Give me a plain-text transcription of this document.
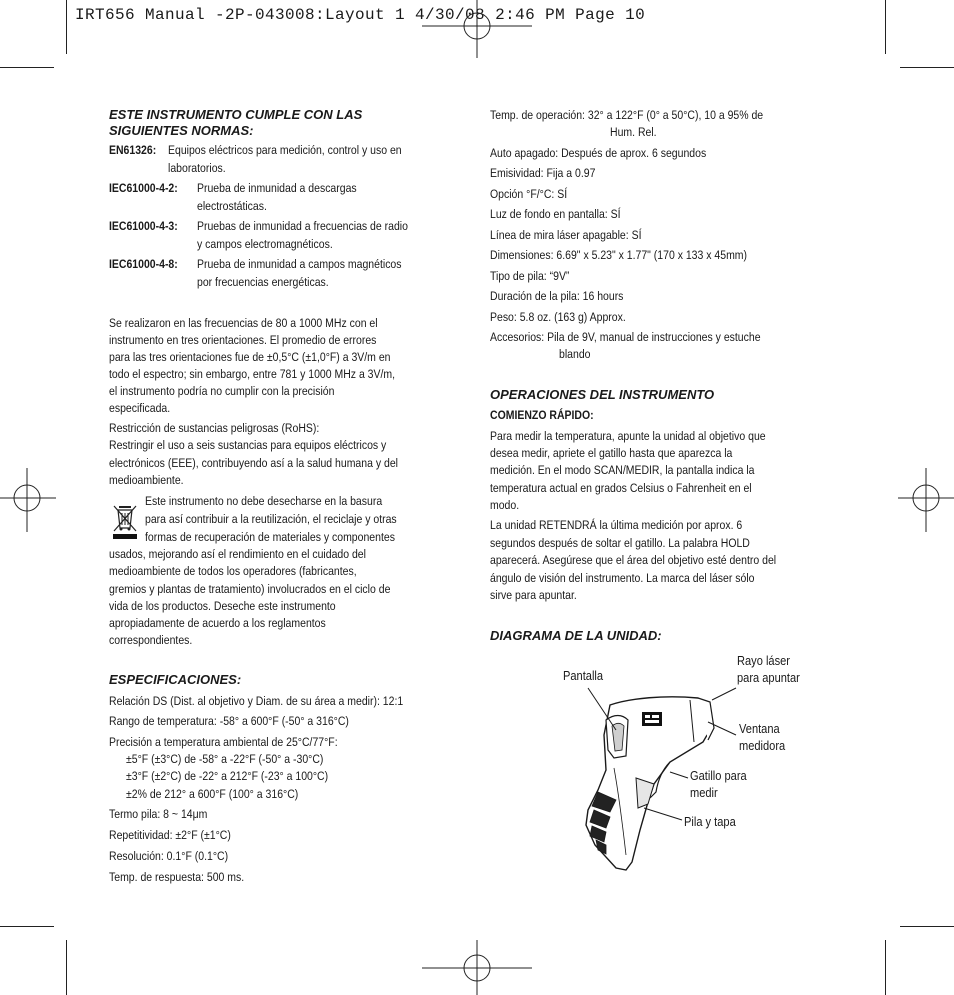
IRT656 Manual -2P-043008:Layout 1 4/30/08 2:46 PM Page 10
ESTE INSTRUMENTO CUMPLE CON LAS
SIGUIENTES NORMAS:
EN61326: Equipos eléctricos para medición, control y uso en
laboratorios.
IEC61000-4-2: Prueba de inmunidad a descargas
electrostáticas.
IEC61000-4-3: Pruebas de inmunidad a frecuencias de radio
y campos electromagnéticos.
IEC61000-4-8: Prueba de inmunidad a campos magnéticos
por frecuencias energéticas.
Se realizaron en las frecuencias de 80 a 1000 MHz con el
instrumento en tres orientaciones. El promedio de errores
para las tres orientaciones fue de ±0,5°C (±1,0°F) a 3V/m en
todo el espectro; sin embargo, entre 781 y 1000 MHz a 3V/m,
el instrumento podría no cumplir con la precisión
especificada.
Restricción de sustancias peligrosas (RoHS):
Restringir el uso a seis sustancias para equipos eléctricos y
electrónicos (EEE), contribuyendo así a la salud humana y del
medioambiente.
Este instrumento no debe desecharse en la basura
para así contribuir a la reutilización, el reciclaje y otras
formas de recuperación de materiales y componentes
usados, mejorando así el rendimiento en el cuidado del
medioambiente de todos los operadores (fabricantes,
gremios y plantas de tratamiento) involucrados en el ciclo de
vida de los productos. Deseche este instrumento
apropiadamente de acuerdo a los reglamentos
correspondientes.
ESPECIFICACIONES:
Relación DS (Dist. al objetivo y Diam. de su área a medir): 12:1
Rango de temperatura: -58° a 600°F (-50° a 316°C)
Precisión a temperatura ambiental de 25°C/77°F:
±5°F (±3°C) de -58° a -22°F (-50° a -30°C)
±3°F (±2°C) de -22° a 212°F (-23° a 100°C)
±2% de 212° a 600°F (100° a 316°C)
Termo pila: 8 ~ 14μm
Repetitividad: ±2°F (±1°C)
Resolución: 0.1°F (0.1°C)
Temp. de respuesta: 500 ms.
Temp. de operación: 32° a 122°F (0° a 50°C), 10 a 95% de
Hum. Rel.
Auto apagado: Después de aprox. 6 segundos
Emisividad: Fija a 0.97
Opción °F/°C: SÍ
Luz de fondo en pantalla: SÍ
Línea de mira láser apagable: SÍ
Dimensiones: 6.69" x 5.23" x 1.77" (170 x 133 x 45mm)
Tipo de pila: “9V”
Duración de la pila: 16 hours
Peso: 5.8 oz. (163 g) Approx.
Accesorios: Pila de 9V, manual de instrucciones y estuche
blando
OPERACIONES DEL INSTRUMENTO
COMIENZO RÁPIDO:
Para medir la temperatura, apunte la unidad al objetivo que
desea medir, apriete el gatillo hasta que aparezca la
medición. En el modo SCAN/MEDIR, la pantalla indica la
temperatura actual en grados Celsius o Fahrenheit en el
modo.
La unidad RETENDRÁ la última medición por aprox. 6
segundos después de soltar el gatillo. La palabra HOLD
aparecerá. Asegúrese que el área del objetivo esté dentro del
ángulo de visión del instrumento. La marca del láser sólo
sirve para apuntar.
DIAGRAMA DE LA UNIDAD:
Pantalla
Rayo láser
para apuntar
Ventana
medidora
Gatillo para
medir
Pila y tapa
